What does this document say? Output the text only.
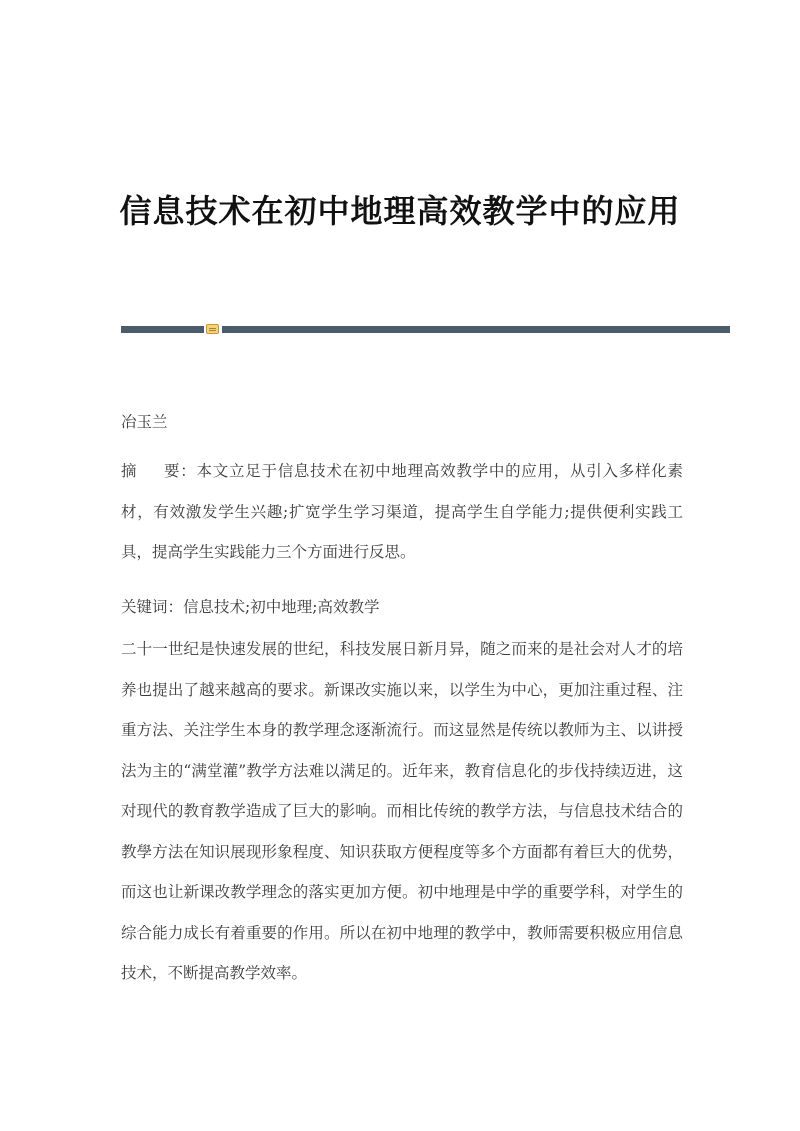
信息技术在初中地理高效教学中的应用
冶玉兰
摘 要：本文立足于信息技术在初中地理高效教学中的应用，从引入多样化素材，有效激发学生兴趣;扩宽学生学习渠道，提高学生自学能力;提供便利实践工具，提高学生实践能力三个方面进行反思。
关键词：信息技术;初中地理;高效教学
二十一世纪是快速发展的世纪，科技发展日新月异，随之而来的是社会对人才的培养也提出了越来越高的要求。新课改实施以来，以学生为中心，更加注重过程、注重方法、关注学生本身的教学理念逐渐流行。而这显然是传统以教师为主、以讲授法为主的“满堂灌”教学方法难以满足的。近年来，教育信息化的步伐持续迈进，这对现代的教育教学造成了巨大的影响。而相比传统的教学方法，与信息技术结合的教學方法在知识展现形象程度、知识获取方便程度等多个方面都有着巨大的优势，而这也让新课改教学理念的落实更加方便。初中地理是中学的重要学科，对学生的综合能力成长有着重要的作用。所以在初中地理的教学中，教师需要积极应用信息技术，不断提高教学效率。
